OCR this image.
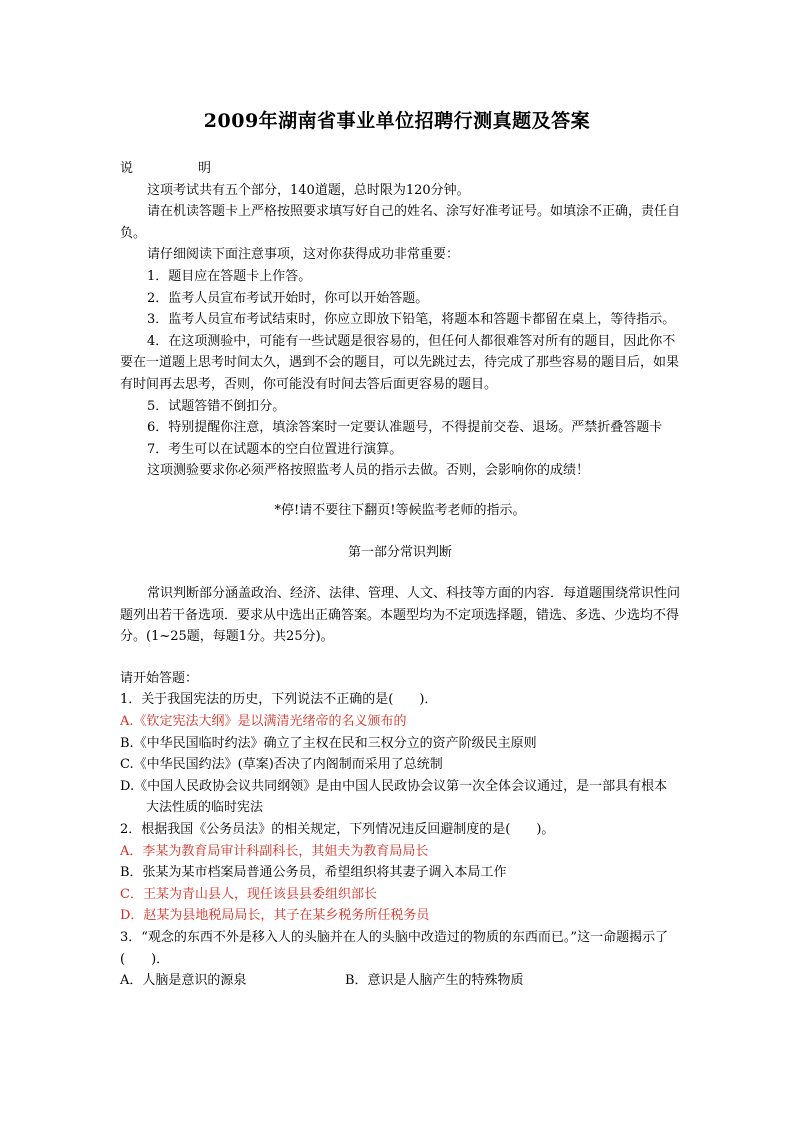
2009年湖南省事业单位招聘行测真题及答案

说　明

这项考试共有五个部分，140道题，总时限为120分钟。

请在机读答题卡上严格按照要求填写好自己的姓名、涂写好准考证号。如填涂不正确，责任自负。

请仔细阅读下面注意事项，这对你获得成功非常重要：

1．题目应在答题卡上作答。

2．监考人员宣布考试开始时，你可以开始答题。

3．监考人员宣布考试结束时，你应立即放下铅笔，将题本和答题卡都留在桌上，等待指示。

4．在这项测验中，可能有一些试题是很容易的，但任何人都很难答对所有的题目，因此你不要在一道题上思考时间太久，遇到不会的题目，可以先跳过去，待完成了那些容易的题目后，如果有时间再去思考，否则，你可能没有时间去答后面更容易的题目。

5．试题答错不倒扣分。

6．特别提醒你注意，填涂答案时一定要认准题号，不得提前交卷、退场。严禁折叠答题卡

7．考生可以在试题本的空白位置进行演算。

这项测验要求你必须严格按照监考人员的指示去做。否则，会影响你的成绩！

*停!请不要往下翻页!等候监考老师的指示。

第一部分常识判断

常识判断部分涵盖政治、经济、法律、管理、人文、科技等方面的内容．每道题围绕常识性问题列出若干备选项．要求从中选出正确答案。本题型均为不定项选择题，错选、多选、少选均不得分。(1~25题，每题1分。共25分)。

请开始答题：

1．关于我国宪法的历史，下列说法不正确的是(　　)．

A.《钦定宪法大纲》是以满清光绪帝的名义颁布的

B.《中华民国临时约法》确立了主权在民和三权分立的资产阶级民主原则

C.《中华民国约法》(草案)否决了内阁制而采用了总统制

D.《中国人民政协会议共同纲领》是由中国人民政协会议第一次全体会议通过，是一部具有根本大法性质的临时宪法

2．根据我国《公务员法》的相关规定，下列情况违反回避制度的是(　　)。

A．李某为教育局审计科副科长，其姐夫为教育局局长

B．张某为某市档案局普通公务员，希望组织将其妻子调入本局工作

C．王某为青山县人，现任该县县委组织部长

D．赵某为县地税局局长，其子在某乡税务所任税务员

3．“观念的东西不外是移入人的头脑并在人的头脑中改造过的物质的东西而已。”这一命题揭示了(　　)．

A．人脑是意识的源泉	B．意识是人脑产生的特殊物质
